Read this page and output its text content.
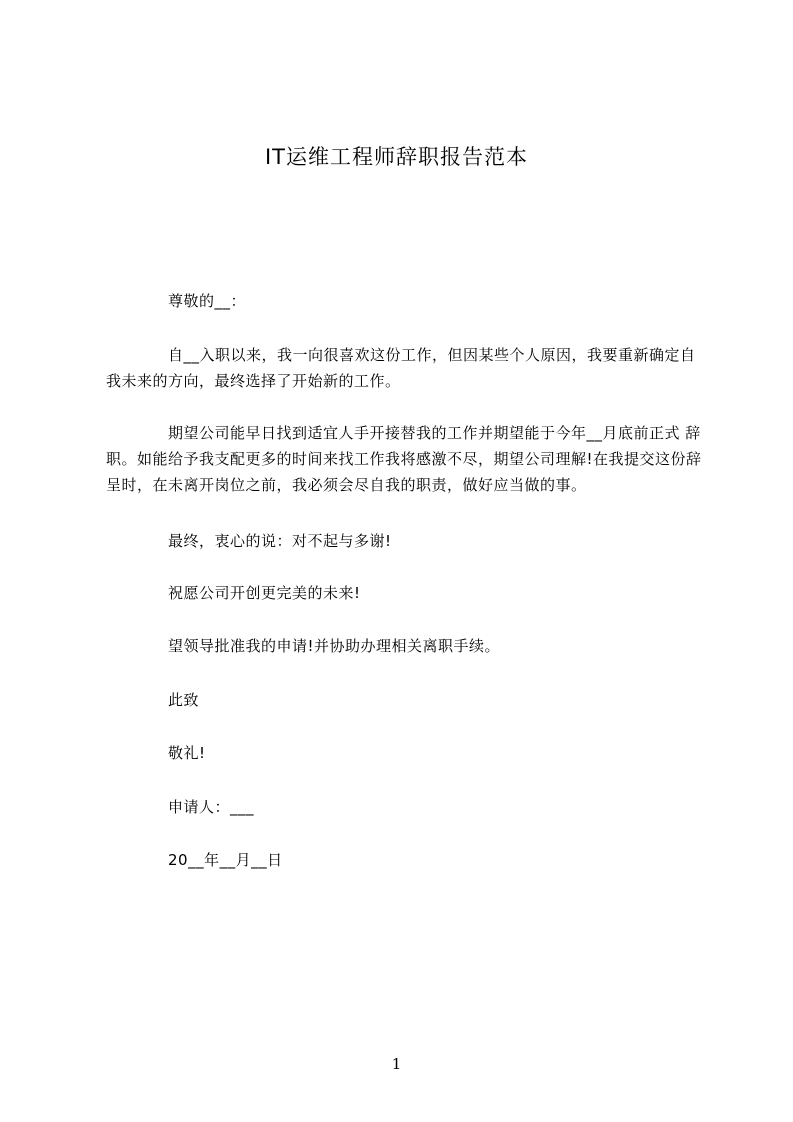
IT运维工程师辞职报告范本
尊敬的__：

自__入职以来，我一向很喜欢这份工作，但因某些个人原因，我要重新确定自我未来的方向，最终选择了开始新的工作。

期望公司能早日找到适宜人手开接替我的工作并期望能于今年__月底前正式 辞职。如能给予我支配更多的时间来找工作我将感激不尽，期望公司理解!在我提交这份辞呈时，在未离开岗位之前，我必须会尽自我的职责，做好应当做的事。

最终，衷心的说：对不起与多谢!
祝愿公司开创更完美的未来!
望领导批准我的申请!并协助办理相关离职手续。
此致
敬礼!
申请人：___
20__年__月__日
1
